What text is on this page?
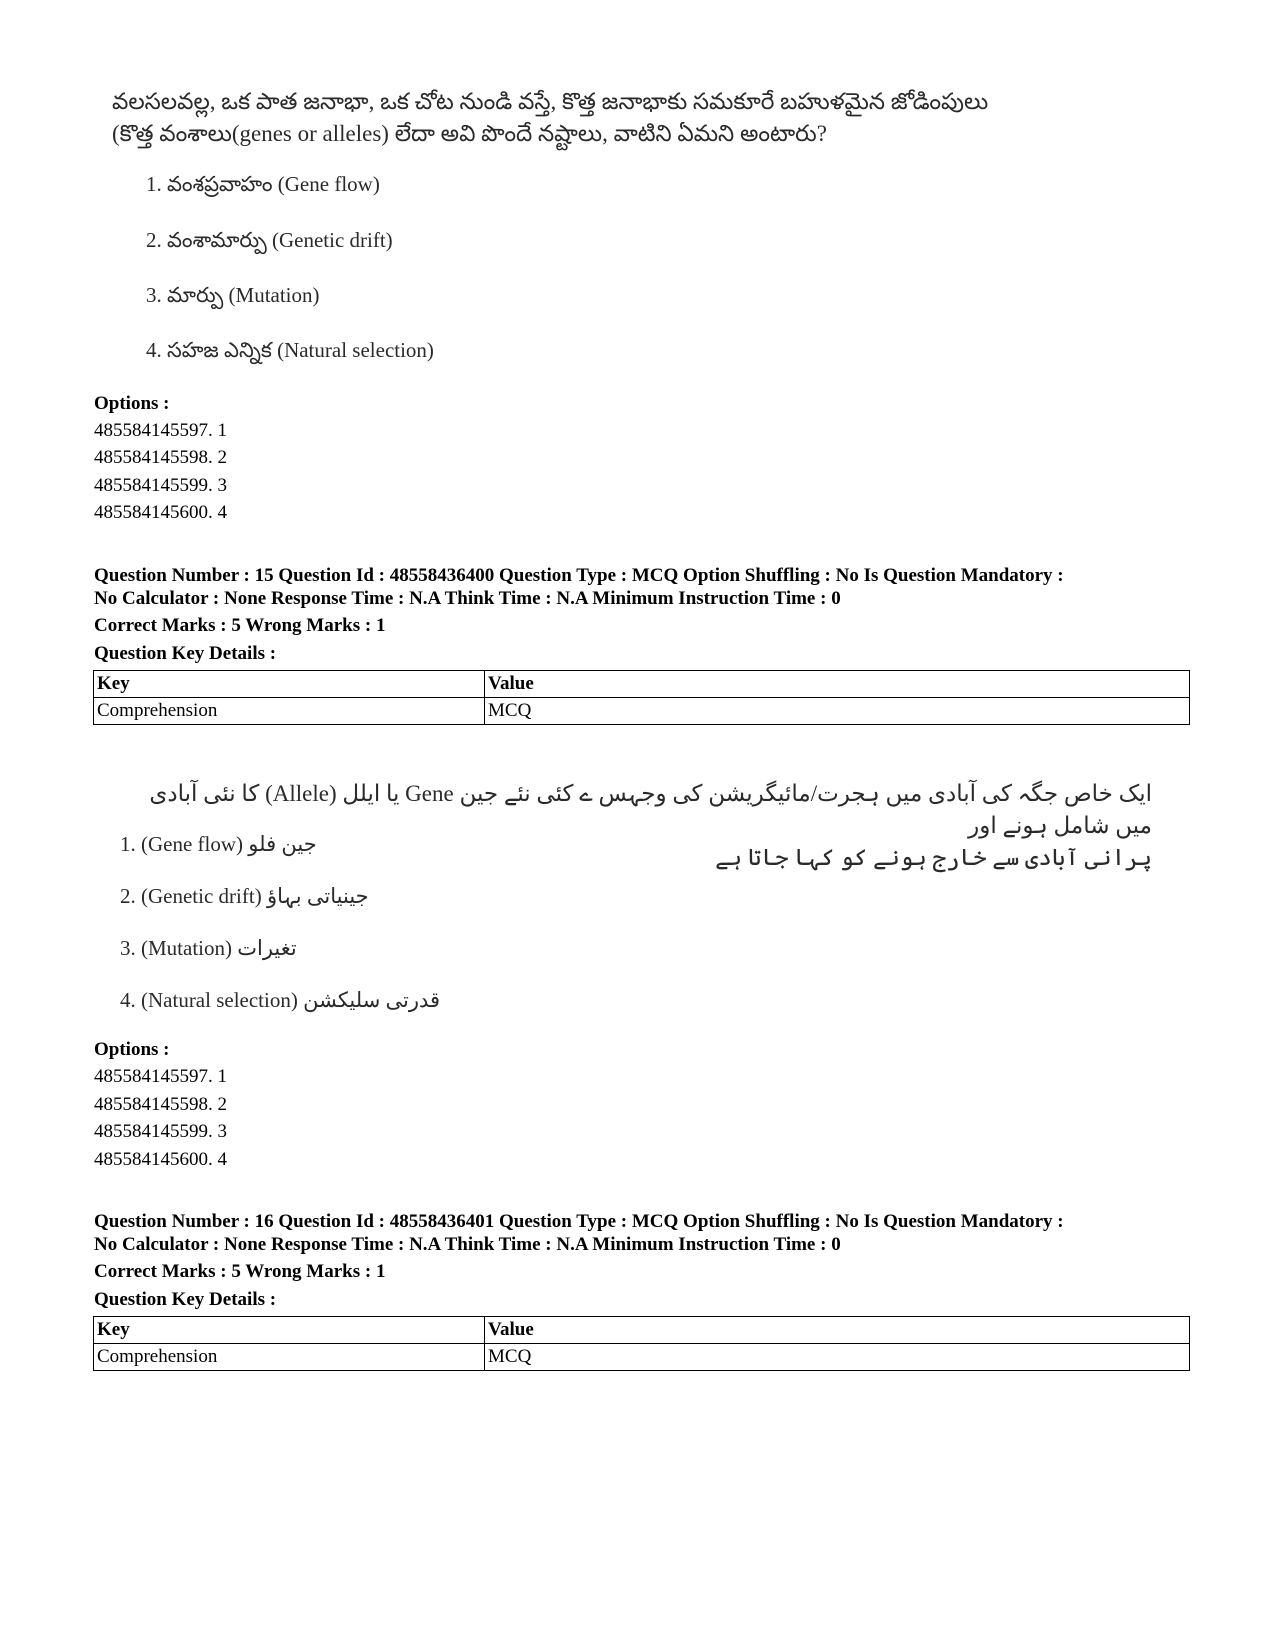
వలసలవల్ల, ఒక పాత జనాభా, ఒక చోట నుండి వస్తే, కొత్త జనాభాకు సమకూరే బహుళమైన జోడింపులు
(కొత్త వంశాలు(genes or alleles) లేదా అవి పొందే నష్టాలు, వాటిని ఏమని అంటారు?

1. వంశప్రవాహం (Gene flow)
2. వంశామార్పు (Genetic drift)
3. మార్పు (Mutation)
4. సహజ ఎన్నిక (Natural selection)
Options :
485584145597. 1
485584145598. 2
485584145599. 3
485584145600. 4
Question Number : 15 Question Id : 48558436400 Question Type : MCQ Option Shuffling : No Is Question Mandatory :
No Calculator : None Response Time : N.A Think Time : N.A Minimum Instruction Time : 0
Correct Marks : 5 Wrong Marks : 1
Question Key Details :
Key	Value
Comprehension	MCQ

ایک خاص جگہ کی آبادی میں ہجرت/مائیگریشن کی وجہس ے کئی نئے جین Gene یا ایلل (Allele) کا نئی آبادی میں شامل ہونے اور
پرانی آبادی سے خارج ہونے کو کہا جاتا ہے

1. (Gene flow) جین فلو
2. (Genetic drift) جینیاتی بہاؤ
3. (Mutation) تغیرات
4. (Natural selection) قدرتی سلیکشن
Options :
485584145597. 1
485584145598. 2
485584145599. 3
485584145600. 4
Question Number : 16 Question Id : 48558436401 Question Type : MCQ Option Shuffling : No Is Question Mandatory :
No Calculator : None Response Time : N.A Think Time : N.A Minimum Instruction Time : 0
Correct Marks : 5 Wrong Marks : 1
Question Key Details :
Key	Value
Comprehension	MCQ
